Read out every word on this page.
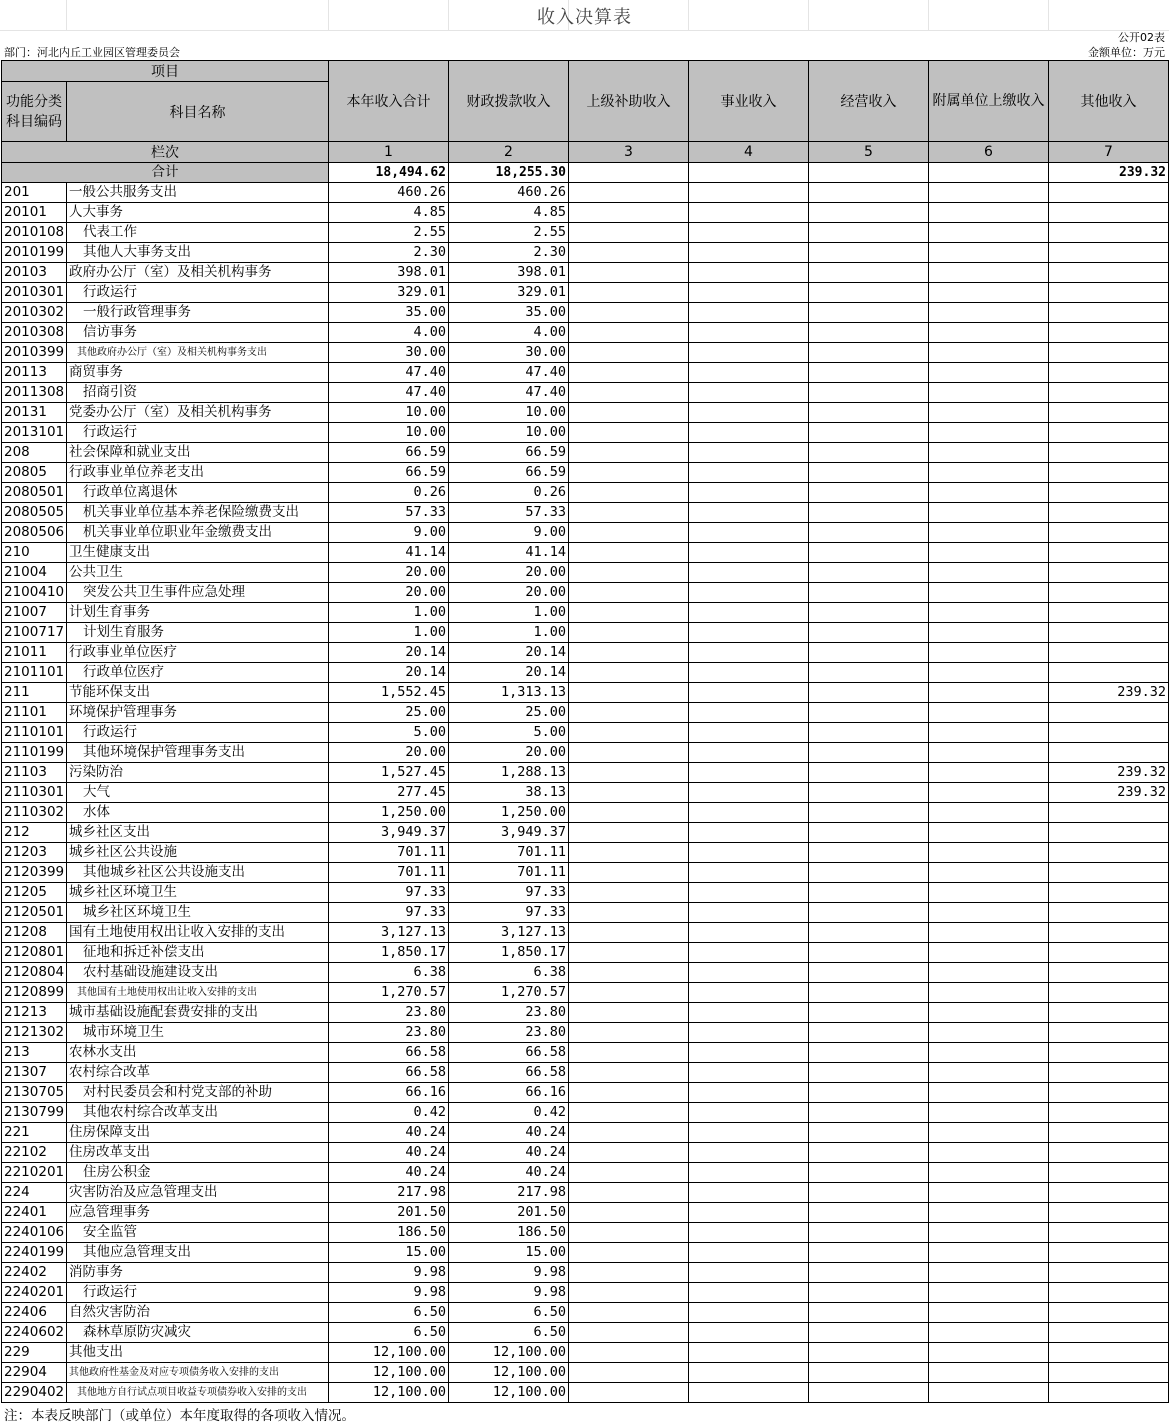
收入决算表
公开02表
部门：河北内丘工业园区管理委员会	金额单位：万元
项目		本年收入合计	财政拨款收入	上级补助收入	事业收入	经营收入	附属单位上缴收入	其他收入
功能分类 科目编码	科目名称							
栏次		1	2	3	4	5	6	7
合计		18,494.62	18,255.30					239.32
201	一般公共服务支出	460.26	460.26					
20101	人大事务	4.85	4.85					
2010108	代表工作	2.55	2.55					
2010199	其他人大事务支出	2.30	2.30					
20103	政府办公厅（室）及相关机构事务	398.01	398.01					
2010301	行政运行	329.01	329.01					
2010302	一般行政管理事务	35.00	35.00					
2010308	信访事务	4.00	4.00					
2010399	其他政府办公厅（室）及相关机构事务支出	30.00	30.00					
20113	商贸事务	47.40	47.40					
2011308	招商引资	47.40	47.40					
20131	党委办公厅（室）及相关机构事务	10.00	10.00					
2013101	行政运行	10.00	10.00					
208	社会保障和就业支出	66.59	66.59					
20805	行政事业单位养老支出	66.59	66.59					
2080501	行政单位离退休	0.26	0.26					
2080505	机关事业单位基本养老保险缴费支出	57.33	57.33					
2080506	机关事业单位职业年金缴费支出	9.00	9.00					
210	卫生健康支出	41.14	41.14					
21004	公共卫生	20.00	20.00					
2100410	突发公共卫生事件应急处理	20.00	20.00					
21007	计划生育事务	1.00	1.00					
2100717	计划生育服务	1.00	1.00					
21011	行政事业单位医疗	20.14	20.14					
2101101	行政单位医疗	20.14	20.14					
211	节能环保支出	1,552.45	1,313.13					239.32
21101	环境保护管理事务	25.00	25.00					
2110101	行政运行	5.00	5.00					
2110199	其他环境保护管理事务支出	20.00	20.00					
21103	污染防治	1,527.45	1,288.13					239.32
2110301	大气	277.45	38.13					239.32
2110302	水体	1,250.00	1,250.00					
212	城乡社区支出	3,949.37	3,949.37					
21203	城乡社区公共设施	701.11	701.11					
2120399	其他城乡社区公共设施支出	701.11	701.11					
21205	城乡社区环境卫生	97.33	97.33					
2120501	城乡社区环境卫生	97.33	97.33					
21208	国有土地使用权出让收入安排的支出	3,127.13	3,127.13					
2120801	征地和拆迁补偿支出	1,850.17	1,850.17					
2120804	农村基础设施建设支出	6.38	6.38					
2120899	其他国有土地使用权出让收入安排的支出	1,270.57	1,270.57					
21213	城市基础设施配套费安排的支出	23.80	23.80					
2121302	城市环境卫生	23.80	23.80					
213	农林水支出	66.58	66.58					
21307	农村综合改革	66.58	66.58					
2130705	对村民委员会和村党支部的补助	66.16	66.16					
2130799	其他农村综合改革支出	0.42	0.42					
221	住房保障支出	40.24	40.24					
22102	住房改革支出	40.24	40.24					
2210201	住房公积金	40.24	40.24					
224	灾害防治及应急管理支出	217.98	217.98					
22401	应急管理事务	201.50	201.50					
2240106	安全监管	186.50	186.50					
2240199	其他应急管理支出	15.00	15.00					
22402	消防事务	9.98	9.98					
2240201	行政运行	9.98	9.98					
22406	自然灾害防治	6.50	6.50					
2240602	森林草原防灾减灾	6.50	6.50					
229	其他支出	12,100.00	12,100.00					
22904	其他政府性基金及对应专项债务收入安排的支出	12,100.00	12,100.00					
2290402	其他地方自行试点项目收益专项债券收入安排的支出	12,100.00	12,100.00					
注：本表反映部门（或单位）本年度取得的各项收入情况。
